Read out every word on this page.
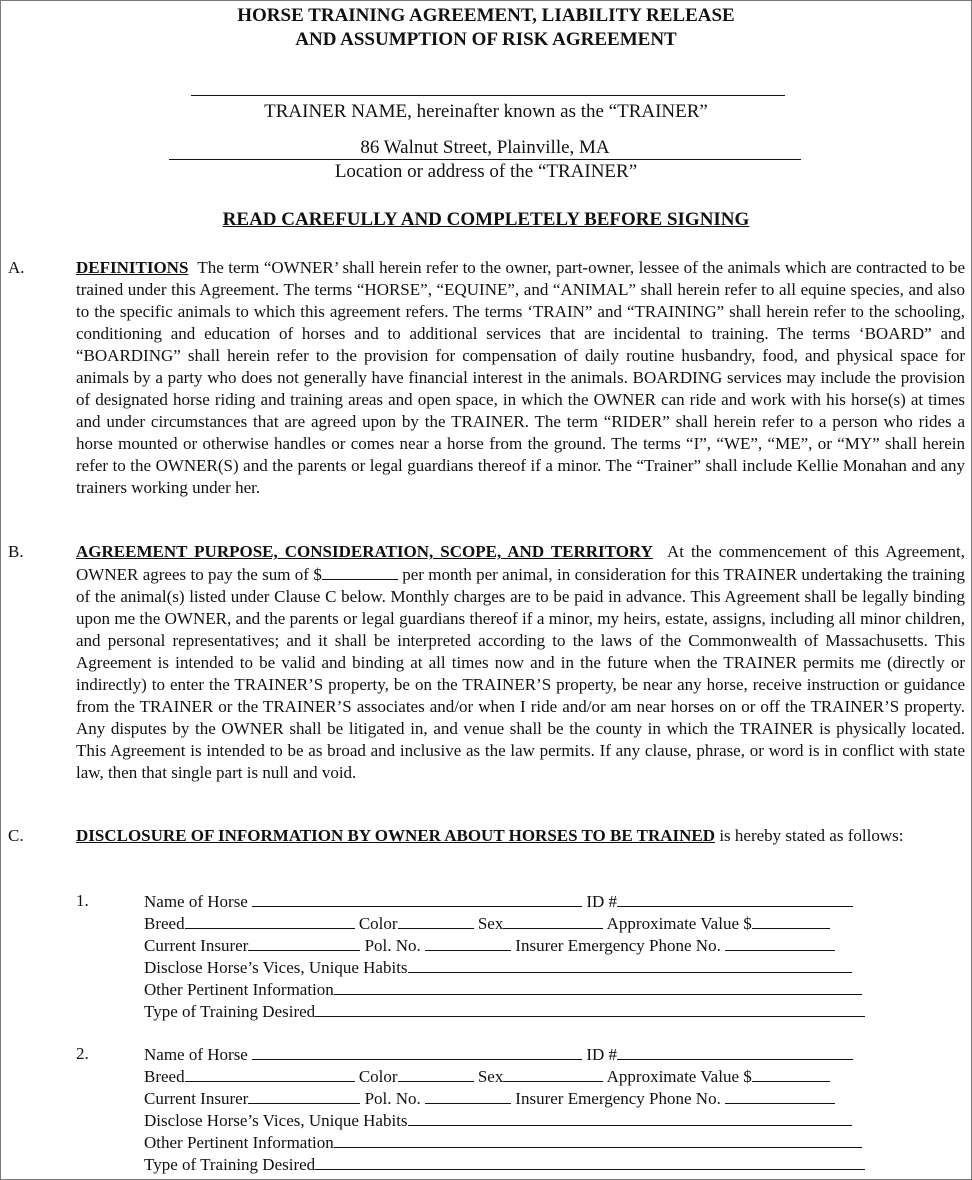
HORSE TRAINING AGREEMENT, LIABILITY RELEASE
AND ASSUMPTION OF RISK AGREEMENT
TRAINER NAME, hereinafter known as the “TRAINER”
86 Walnut Street, Plainville, MA
Location or address of the “TRAINER”
READ CAREFULLY AND COMPLETELY BEFORE SIGNING
A.	DEFINITIONS The term “OWNER’ shall herein refer to the owner, part-owner, lessee of the animals which are contracted to be trained under this Agreement. The terms “HORSE”, “EQUINE”, and “ANIMAL” shall herein refer to all equine species, and also to the specific animals to which this agreement refers. The terms ‘TRAIN” and “TRAINING” shall herein refer to the schooling, conditioning and education of horses and to additional services that are incidental to training. The terms ‘BOARD” and “BOARDING” shall herein refer to the provision for compensation of daily routine husbandry, food, and physical space for animals by a party who does not generally have financial interest in the animals. BOARDING services may include the provision of designated horse riding and training areas and open space, in which the OWNER can ride and work with his horse(s) at times and under circumstances that are agreed upon by the TRAINER. The term “RIDER” shall herein refer to a person who rides a horse mounted or otherwise handles or comes near a horse from the ground. The terms “I”, “WE”, “ME”, or “MY” shall herein refer to the OWNER(S) and the parents or legal guardians thereof if a minor. The “Trainer” shall include Kellie Monahan and any trainers working under her.
B.	AGREEMENT PURPOSE, CONSIDERATION, SCOPE, AND TERRITORY At the commencement of this Agreement, OWNER agrees to pay the sum of $	per month per animal, in consideration for this TRAINER undertaking the training of the animal(s) listed under Clause C below. Monthly charges are to be paid in advance. This Agreement shall be legally binding upon me the OWNER, and the parents or legal guardians thereof if a minor, my heirs, estate, assigns, including all minor children, and personal representatives; and it shall be interpreted according to the laws of the Commonwealth of Massachusetts. This Agreement is intended to be valid and binding at all times now and in the future when the TRAINER permits me (directly or indirectly) to enter the TRAINER’S property, be on the TRAINER’S property, be near any horse, receive instruction or guidance from the TRAINER or the TRAINER’S associates and/or when I ride and/or am near horses on or off the TRAINER’S property. Any disputes by the OWNER shall be litigated in, and venue shall be the county in which the TRAINER is physically located. This Agreement is intended to be as broad and inclusive as the law permits. If any clause, phrase, or word is in conflict with state law, then that single part is null and void.
C.	DISCLOSURE OF INFORMATION BY OWNER ABOUT HORSES TO BE TRAINED is hereby stated as follows:
1.	Name of Horse	ID #
Breed	Color	Sex	Approximate Value $
Current Insurer	Pol. No.	Insurer Emergency Phone No.
Disclose Horse’s Vices, Unique Habits
Other Pertinent Information
Type of Training Desired
2.	Name of Horse	ID #
Breed	Color	Sex	Approximate Value $
Current Insurer	Pol. No.	Insurer Emergency Phone No.
Disclose Horse’s Vices, Unique Habits
Other Pertinent Information
Type of Training Desired
